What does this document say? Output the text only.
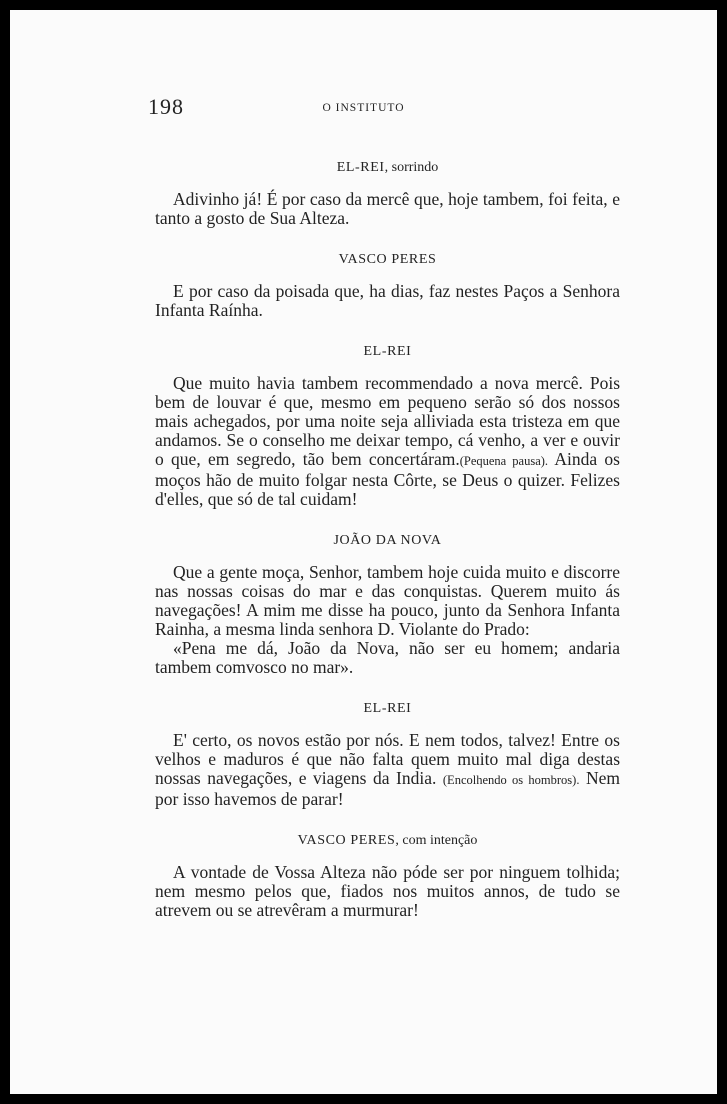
198	O INSTITUTO
EL-REI, sorrindo

Adivinho já! É por caso da mercê que, hoje tambem, foi feita, e tanto a gosto de Sua Alteza.

VASCO PERES

E por caso da poisada que, ha dias, faz nestes Paços a Senhora Infanta Raínha.

EL-REI

Que muito havia tambem recommendado a nova mercê. Pois bem de louvar é que, mesmo em pequeno serão só dos nossos mais achegados, por uma noite seja alliviada esta tristeza em que andamos. Se o conselho me deixar tempo, cá venho, a ver e ouvir o que, em segredo, tão bem concertáram.(Pequena pausa). Ainda os moços hão de muito folgar nesta Côrte, se Deus o quizer. Felizes d'elles, que só de tal cuidam!

JOÃO DA NOVA

Que a gente moça, Senhor, tambem hoje cuida muito e discorre nas nossas coisas do mar e das conquistas. Querem muito ás navegações! A mim me disse ha pouco, junto da Senhora Infanta Rainha, a mesma linda senhora D. Violante do Prado:
«Pena me dá, João da Nova, não ser eu homem; andaria tambem comvosco no mar».

EL-REI

E' certo, os novos estão por nós. E nem todos, talvez! Entre os velhos e maduros é que não falta quem muito mal diga destas nossas navegações, e viagens da India. (Encolhendo os hombros). Nem por isso havemos de parar!

VASCO PERES, com intenção

A vontade de Vossa Alteza não póde ser por ninguem tolhida; nem mesmo pelos que, fiados nos muitos annos, de tudo se atrevem ou se atrevêram a murmurar!
